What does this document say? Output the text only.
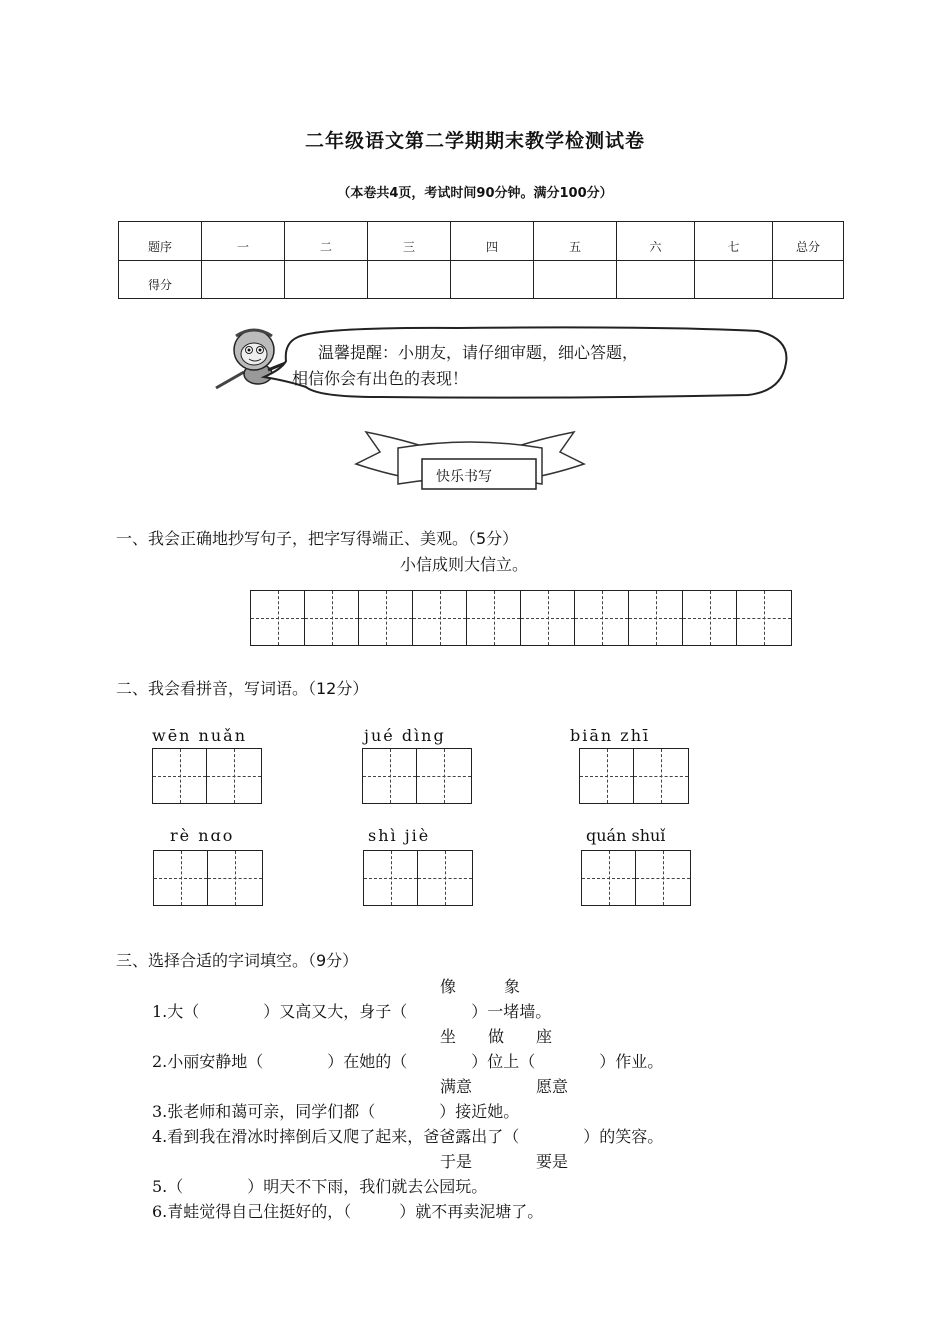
二年级语文第二学期期末教学检测试卷
（本卷共4页，考试时间90分钟。满分100分）
题序	一	二	三	四	五	六	七	总分
得分								
温馨提醒：小朋友，请仔细审题，细心答题，
相信你会有出色的表现！
快乐书写
一、我会正确地抄写句子，把字写得端正、美观。（5分）
小信成则大信立。
二、我会看拼音，写词语。（12分）
wēn nuǎn	jué dìng	biān zhī
rè nɑo	shì jiè	quán shuǐ
三、选择合适的字词填空。（9分）
像　　　象
1.大（　　　　）又高又大，身子（　　　　）一堵墙。
坐　　做　　座
2.小丽安静地（　　　　）在她的（　　　　）位上（　　　　）作业。
满意　　　　愿意
3.张老师和蔼可亲，同学们都（　　　　）接近她。
4.看到我在滑冰时摔倒后又爬了起来，爸爸露出了（　　　　）的笑容。
于是　　　　要是
5.（　　　　）明天不下雨，我们就去公园玩。
6.青蛙觉得自己住挺好的，（　　　）就不再卖泥塘了。
